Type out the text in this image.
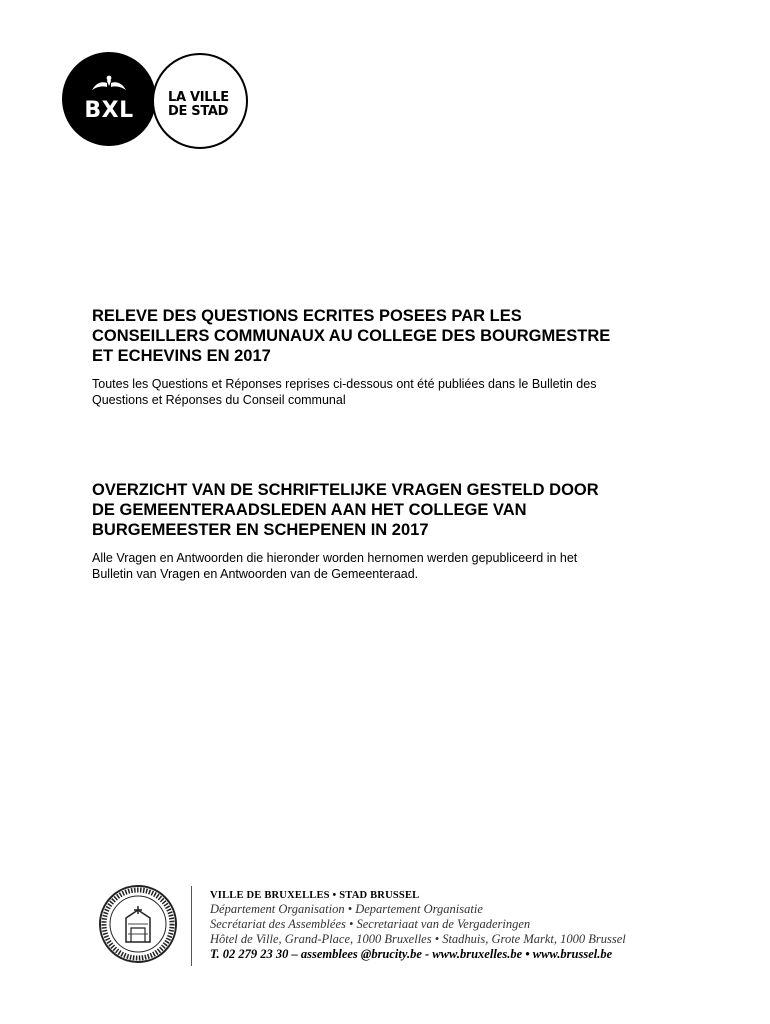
BXL
LA VILLE
DE STAD

RELEVE DES QUESTIONS ECRITES POSEES PAR LES
CONSEILLERS COMMUNAUX AU COLLEGE DES BOURGMESTRE
ET ECHEVINS EN 2017

Toutes les Questions et Réponses reprises ci-dessous ont été publiées dans le Bulletin des
Questions et Réponses du Conseil communal

OVERZICHT VAN DE SCHRIFTELIJKE VRAGEN GESTELD DOOR
DE GEMEENTERAADSLEDEN AAN HET COLLEGE VAN
BURGEMEESTER EN SCHEPENEN IN 2017

Alle Vragen en Antwoorden die hieronder worden hernomen werden gepubliceerd in het
Bulletin van Vragen en Antwoorden van de Gemeenteraad.

VILLE DE BRUXELLES • STAD BRUSSEL
Département Organisation • Departement Organisatie
Secrétariat des Assemblées • Secretariaat van de Vergaderingen
Hôtel de Ville, Grand-Place, 1000 Bruxelles • Stadhuis, Grote Markt, 1000 Brussel
T. 02 279 23 30 – assemblees @brucity.be - www.bruxelles.be • www.brussel.be
